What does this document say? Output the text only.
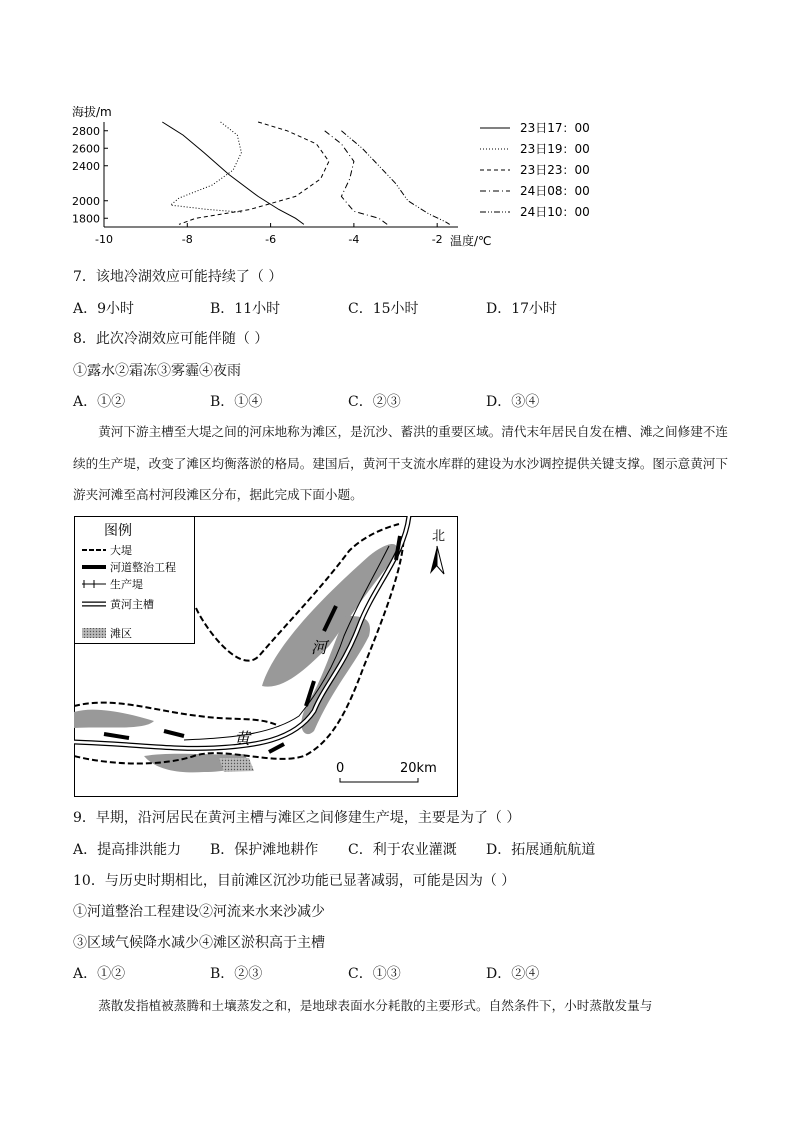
海拔/m
2800
2600
2400
2000
1800
-10	-8	-6	-4	-2 温度/℃
23日17：00
23日19：00
23日23：00
24日08：00
24日10：00
7．该地冷湖效应可能持续了（ ）
A．9小时	B．11小时	C．15小时	D．17小时
8．此次冷湖效应可能伴随（ ）
①露水②霜冻③雾霾④夜雨
A．①②	B．①④	C．②③	D．③④
黄河下游主槽至大堤之间的河床地称为滩区，是沉沙、蓄洪的重要区域。清代末年居民自发在槽、滩之间修建不连续的生产堤，改变了滩区均衡落淤的格局。建国后，黄河干支流水库群的建设为水沙调控提供关键支撑。图示意黄河下游夹河滩至高村河段滩区分布，据此完成下面小题。
河
黄
图例
大堤
河道整治工程
生产堤
黄河主槽
滩区
北
0	20km
9．早期，沿河居民在黄河主槽与滩区之间修建生产堤，主要是为了（ ）
A．提高排洪能力 B．保护滩地耕作 C．利于农业灌溉 D．拓展通航航道
10．与历史时期相比，目前滩区沉沙功能已显著减弱，可能是因为（ ）
①河道整治工程建设②河流来水来沙减少
③区域气候降水减少④滩区淤积高于主槽
A．①②	B．②③	C．①③	D．②④
蒸散发指植被蒸腾和土壤蒸发之和，是地球表面水分耗散的主要形式。自然条件下，小时蒸散发量与
